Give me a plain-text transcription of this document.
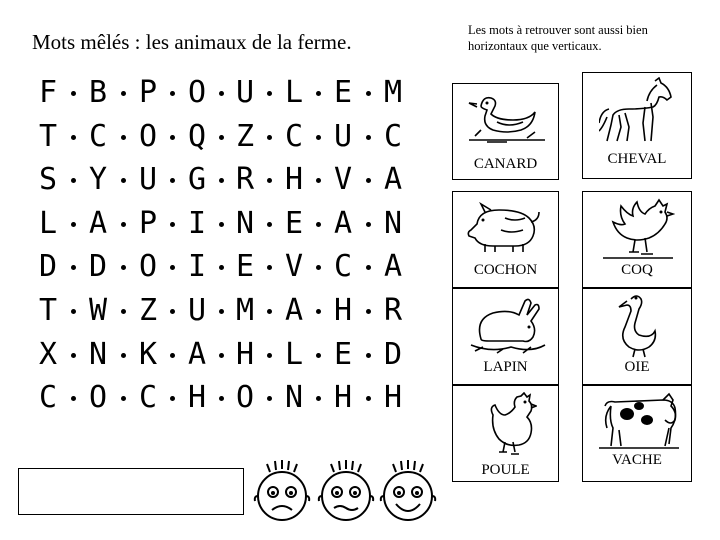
Mots mêlés : les animaux de la ferme.	Les mots à retrouver sont aussi bien
horizontaux que verticaux.
F B P O U L E M
T C O Q Z C U C
S Y U G R H V A
L A P I N E A N
D D O I E V C A
T W Z U M A H R
X N K A H L E D
C O C H O N H H
CANARD	CHEVAL
COCHON	COQ
LAPIN	OIE
POULE
VACHE
